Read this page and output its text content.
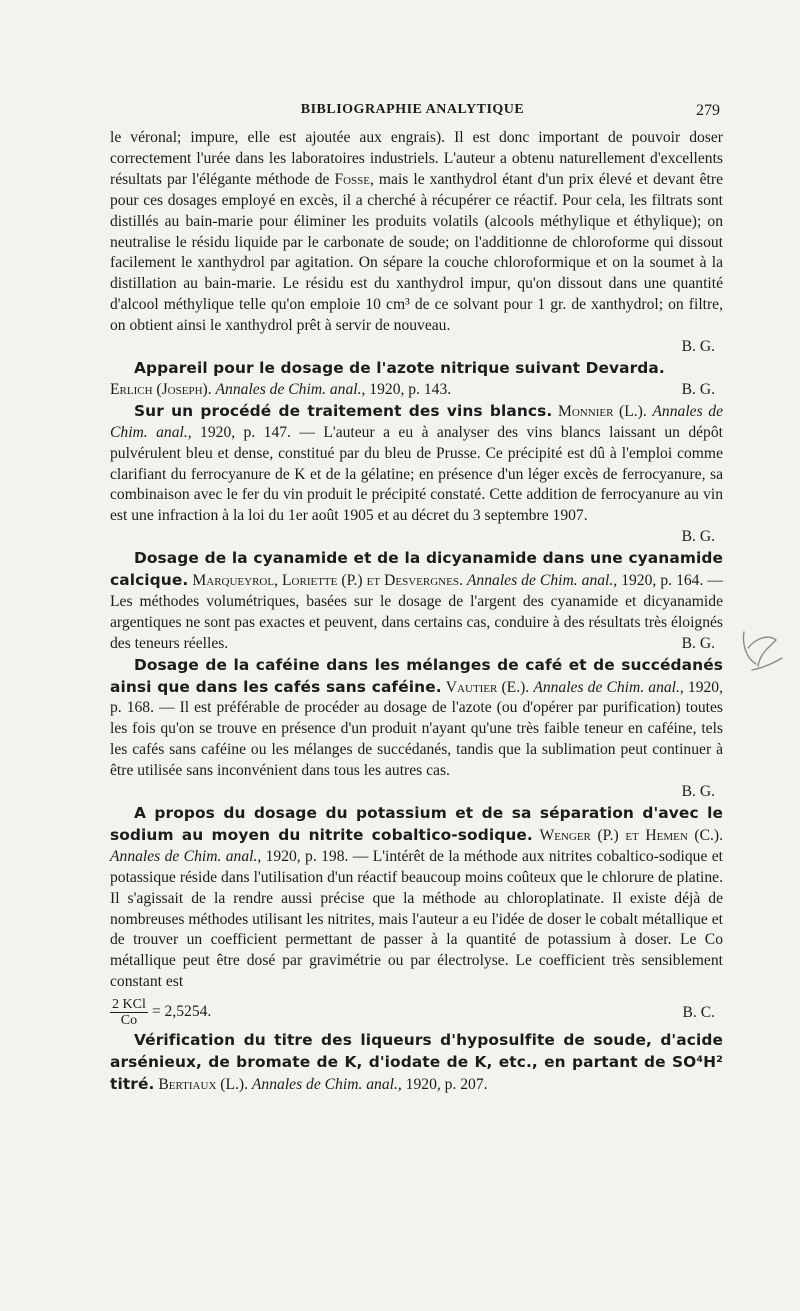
BIBLIOGRAPHIE ANALYTIQUE	279

le véronal; impure, elle est ajoutée aux engrais). Il est donc important de pouvoir doser correctement l'urée dans les laboratoires industriels. L'auteur a obtenu naturellement d'excellents résultats par l'élégante méthode de Fosse, mais le xanthydrol étant d'un prix élevé et devant être pour ces dosages employé en excès, il a cherché à récupérer ce réactif. Pour cela, les filtrats sont distillés au bain-marie pour éliminer les produits volatils (alcools méthylique et éthylique); on neutralise le résidu liquide par le carbonate de soude; on l'additionne de chloroforme qui dissout facilement le xanthydrol par agitation. On sépare la couche chloroformique et on la soumet à la distillation au bain-marie. Le résidu est du xanthydrol impur, qu'on dissout dans une quantité d'alcool méthylique telle qu'on emploie 10 cm³ de ce solvant pour 1 gr. de xanthydrol; on filtre, on obtient ainsi le xanthydrol prêt à servir de nouveau.

B. G.

Appareil pour le dosage de l'azote nitrique suivant Devarda.
Erlich (Joseph). Annales de Chim. anal., 1920, p. 143.	B. G.

Sur un procédé de traitement des vins blancs. Monnier (L.). Annales de Chim. anal., 1920, p. 147. — L'auteur a eu à analyser des vins blancs laissant un dépôt pulvérulent bleu et dense, constitué par du bleu de Prusse. Ce précipité est dû à l'emploi comme clarifiant du ferrocyanure de K et de la gélatine; en présence d'un léger excès de ferrocyanure, sa combinaison avec le fer du vin produit le précipité constaté. Cette addition de ferrocyanure au vin est une infraction à la loi du 1er août 1905 et au décret du 3 septembre 1907.

B. G.

Dosage de la cyanamide et de la dicyanamide dans une cyanamide calcique. Marqueyrol, Loriette (P.) et Desvergnes. Annales de Chim. anal., 1920, p. 164. — Les méthodes volumétriques, basées sur le dosage de l'argent des cyanamide et dicyanamide argentiques ne sont pas exactes et peuvent, dans certains cas, conduire à des résultats très éloignés des teneurs réelles.	B. G.

Dosage de la caféine dans les mélanges de café et de succédanés ainsi que dans les cafés sans caféine. Vautier (E.). Annales de Chim. anal., 1920, p. 168. — Il est préférable de procéder au dosage de l'azote (ou d'opérer par purification) toutes les fois qu'on se trouve en présence d'un produit n'ayant qu'une très faible teneur en caféine, tels les cafés sans caféine ou les mélanges de succédanés, tandis que la sublimation peut continuer à être utilisée sans inconvénient dans tous les autres cas.

B. G.

A propos du dosage du potassium et de sa séparation d'avec le sodium au moyen du nitrite cobaltico-sodique. Wenger (P.) et Hemen (C.). Annales de Chim. anal., 1920, p. 198. — L'intérêt de la méthode aux nitrites cobaltico-sodique et potassique réside dans l'utilisation d'un réactif beaucoup moins coûteux que le chlorure de platine. Il s'agissait de la rendre aussi précise que la méthode au chloroplatinate. Il existe déjà de nombreuses méthodes utilisant les nitrites, mais l'auteur a eu l'idée de doser le cobalt métallique et de trouver un coefficient permettant de passer à la quantité de potassium à doser. Le Co métallique peut être dosé par gravimétrie ou par électrolyse. Le coefficient très sensiblement constant est

$\frac{\text{2 KCl}}{Co} = 2,5254$.	B. C.

Vérification du titre des liqueurs d'hyposulfite de soude, d'acide arsénieux, de bromate de K, d'iodate de K, etc., en partant de SO⁴H² titré. Bertiaux (L.). Annales de Chim. anal., 1920, p. 207.
